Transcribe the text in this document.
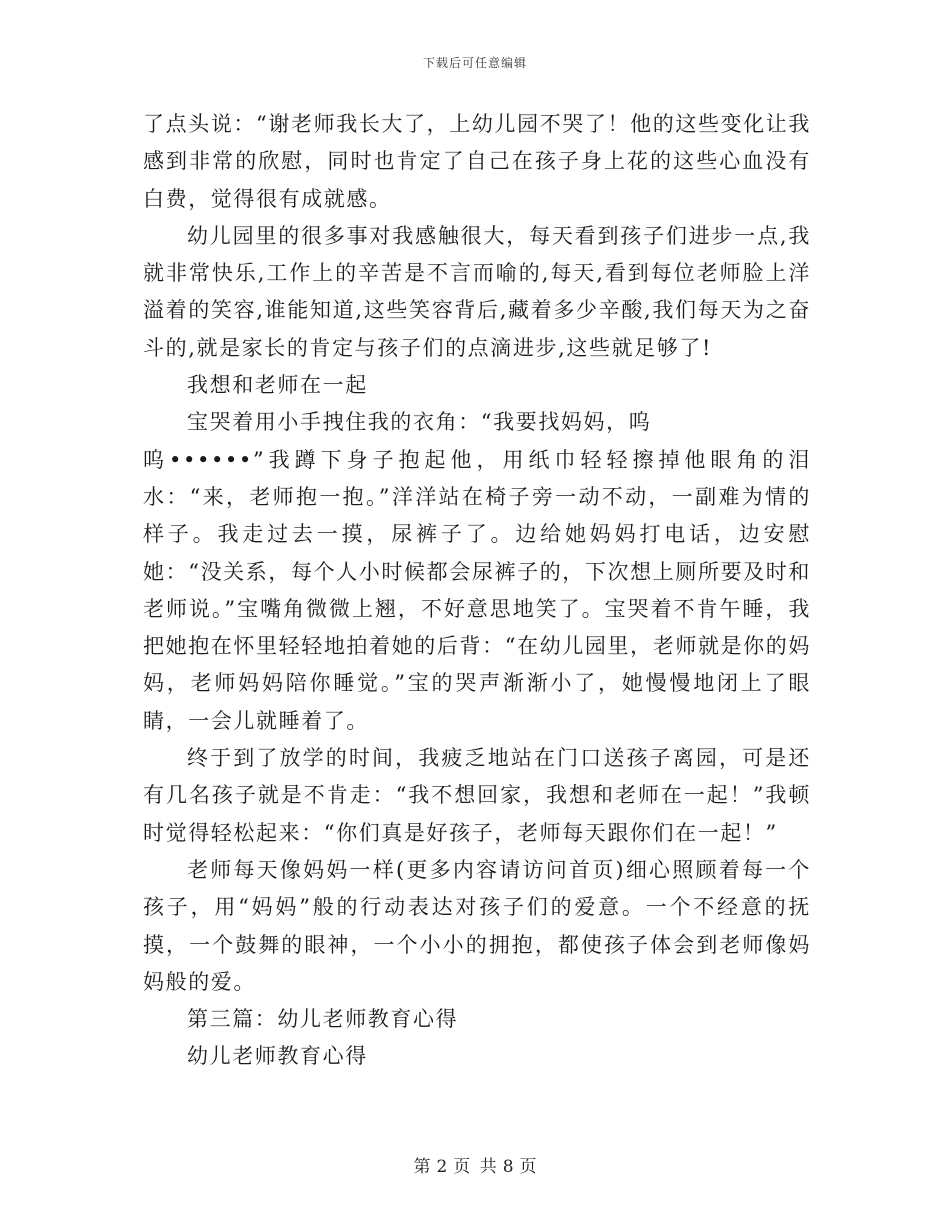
下载后可任意编辑

了点头说：“谢老师我长大了，上幼儿园不哭了！他的这些变化让我感到非常的欣慰，同时也肯定了自己在孩子身上花的这些心血没有白费，觉得很有成就感。

幼儿园里的很多事对我感触很大，每天看到孩子们进步一点,我就非常快乐,工作上的辛苦是不言而喻的,每天,看到每位老师脸上洋溢着的笑容,谁能知道,这些笑容背后,藏着多少辛酸,我们每天为之奋斗的,就是家长的肯定与孩子们的点滴进步,这些就足够了!

我想和老师在一起

宝哭着用小手拽住我的衣角：“我要找妈妈，呜

呜••••••”我蹲下身子抱起他，用纸巾轻轻擦掉他眼角的泪水：“来，老师抱一抱。”洋洋站在椅子旁一动不动，一副难为情的样子。我走过去一摸，尿裤子了。边给她妈妈打电话，边安慰她：“没关系，每个人小时候都会尿裤子的，下次想上厕所要及时和老师说。”宝嘴角微微上翘，不好意思地笑了。宝哭着不肯午睡，我把她抱在怀里轻轻地拍着她的后背：“在幼儿园里，老师就是你的妈妈，老师妈妈陪你睡觉。”宝的哭声渐渐小了，她慢慢地闭上了眼睛，一会儿就睡着了。

终于到了放学的时间，我疲乏地站在门口送孩子离园，可是还有几名孩子就是不肯走：“我不想回家，我想和老师在一起！”我顿时觉得轻松起来：“你们真是好孩子，老师每天跟你们在一起！”

老师每天像妈妈一样(更多内容请访问首页)细心照顾着每一个孩子，用“妈妈”般的行动表达对孩子们的爱意。一个不经意的抚摸，一个鼓舞的眼神，一个小小的拥抱，都使孩子体会到老师像妈妈般的爱。

第三篇：幼儿老师教育心得

幼儿老师教育心得

第 2 页 共 8 页
